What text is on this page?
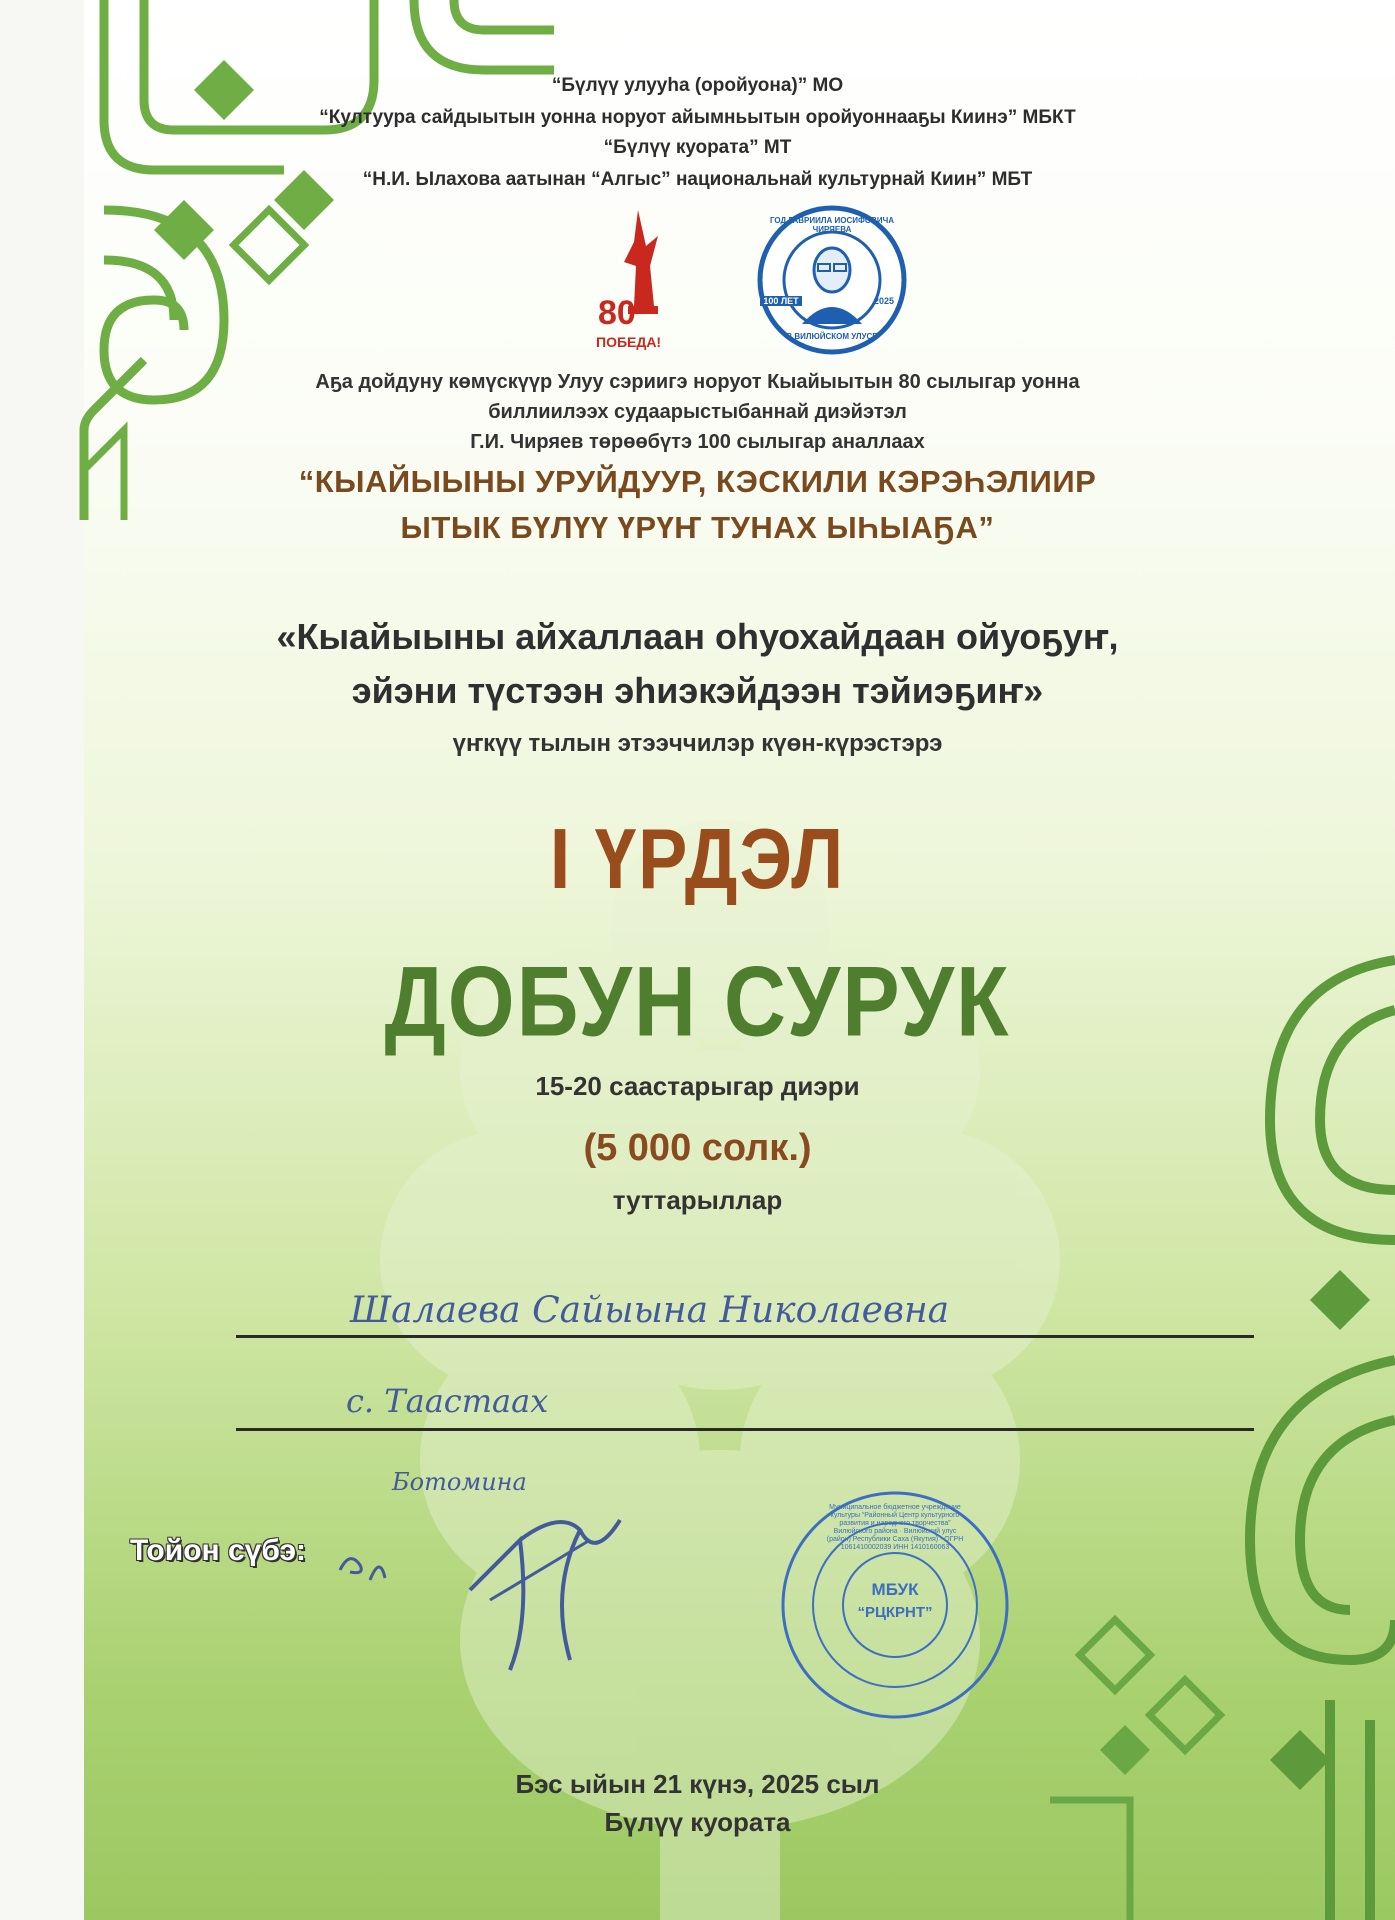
“Бүлүү улууһа (оройуона)” МО
“Култуура сайдыытын уонна норуот айымньытын оройуоннааҕы Киинэ” МБКТ
“Бүлүү куората” МТ
“Н.И. Ылахова аатынан “Алгыс” национальнай культурнай Киин” МБТ
80
ПОБЕДА!
ГОД ГАВРИИЛА ИОСИФОВИЧА ЧИРЯЕВА
100 ЛЕТ	2025
В ВИЛЮЙСКОМ УЛУСЕ
Аҕа дойдуну көмүскүүр Улуу сэриигэ норуот Кыайыытын 80 сылыгар уонна
биллиилээх судаарыстыбаннай диэйэтэл
Г.И. Чиряев төрөөбүтэ 100 сылыгар аналлаах
“КЫАЙЫЫНЫ УРУЙДУУР, КЭСКИЛИ КЭРЭҺЭЛИИР
ЫТЫК БҮЛҮҮ ҮРҮҤ ТУНАХ ЫҺЫАҔА”
«Кыайыыны айхаллаан оһуохайдаан ойуоҕуҥ,
эйэни түстээн эһиэкэйдээн тэйиэҕиҥ»
үҥкүү тылын этээччилэр күөн-күрэстэрэ
I ҮРДЭЛ
ДОБУН СУРУК
15-20 саастарыгар диэри
(5 000 солк.)
туттарыллар
Шалаева Сайыына Николаевна
с. Таастаах
Ботомина
Тойон сүбэ:
Муниципальное бюджетное учреждение культуры “Районный Центр культурного развития и народного творчества” Вилюйского района · Вилюйский улус (район) Республики Саха (Якутия) · ОГРН 1061410002039 ИНН 1410160063
МБУК
“РЦКРНТ”
Бэс ыйын 21 күнэ, 2025 сыл
Бүлүү куората
